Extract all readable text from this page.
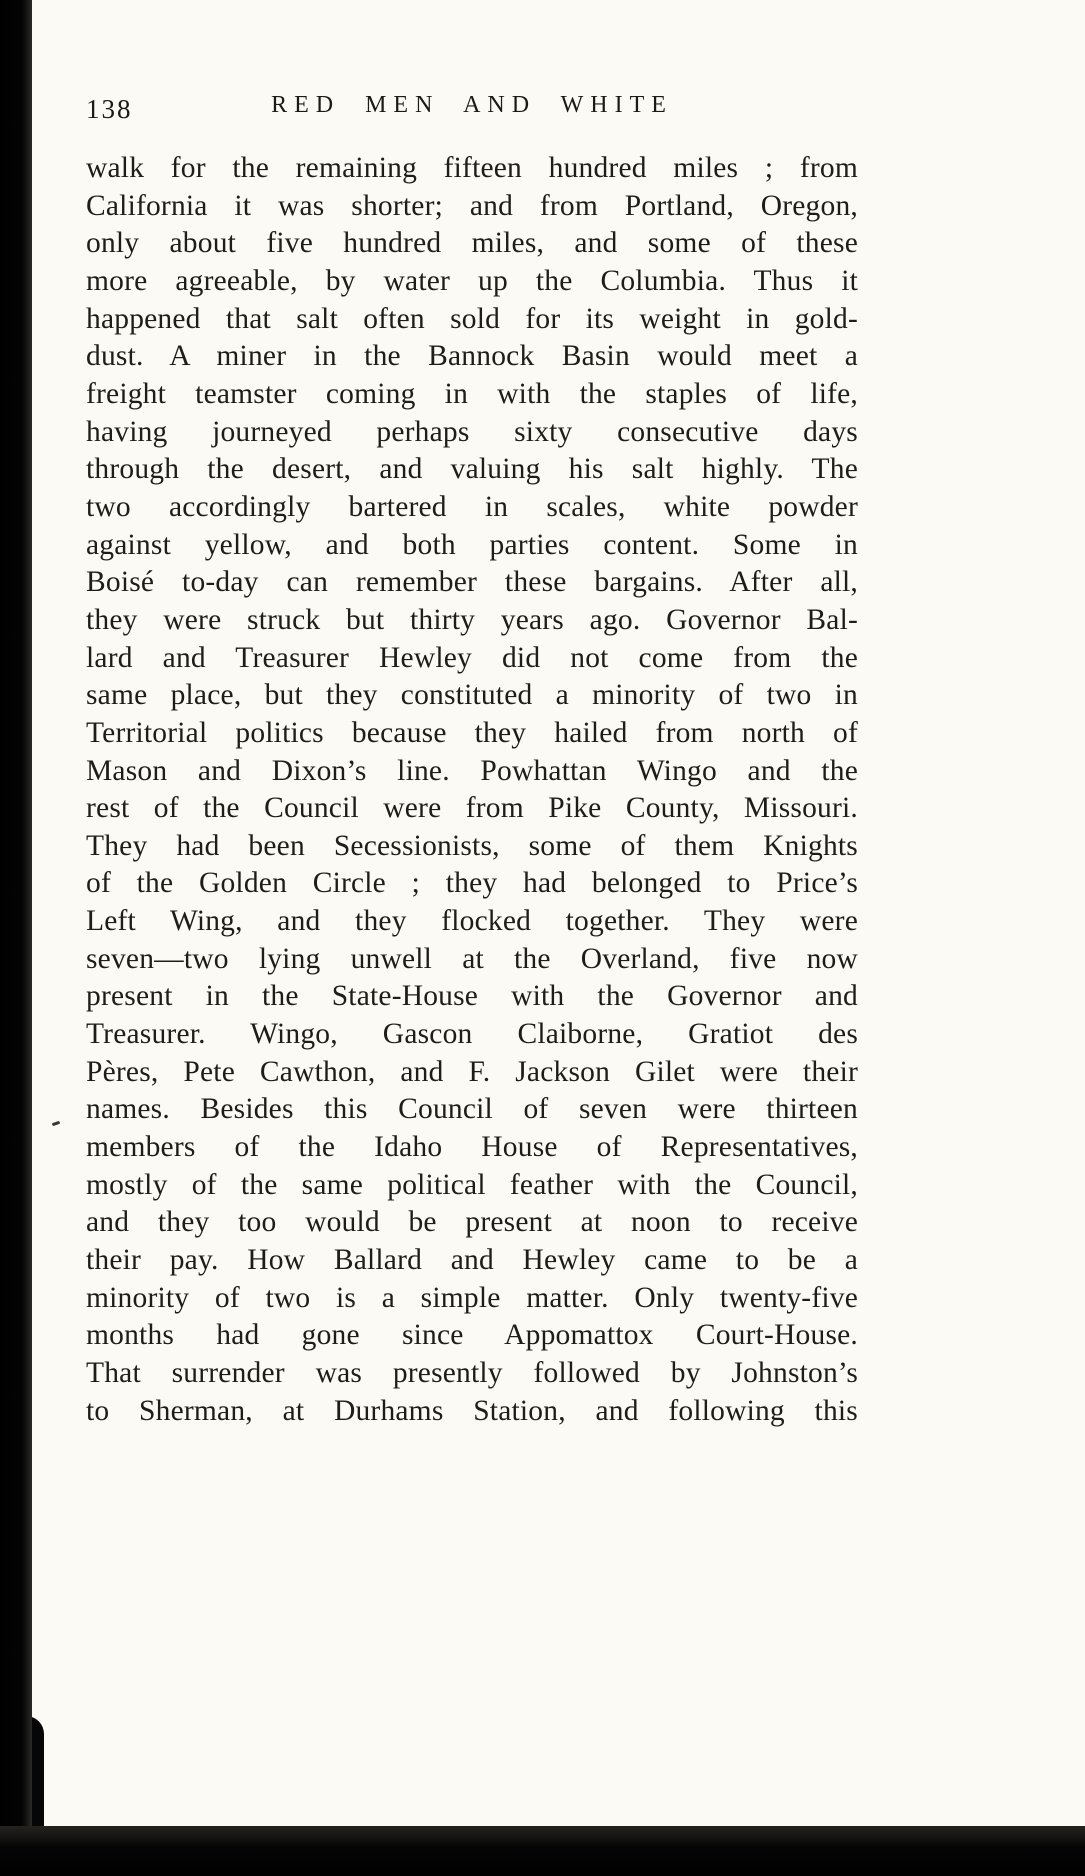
138	RED MEN AND WHITE
walk for the remaining fifteen hundred miles ; from
California it was shorter; and from Portland, Oregon,
only about five hundred miles, and some of these
more agreeable, by water up the Columbia. Thus it
happened that salt often sold for its weight in gold-
dust. A miner in the Bannock Basin would meet a
freight teamster coming in with the staples of life,
having journeyed perhaps sixty consecutive days
through the desert, and valuing his salt highly. The
two accordingly bartered in scales, white powder
against yellow, and both parties content. Some in
Boisé to-day can remember these bargains. After all,
they were struck but thirty years ago. Governor Bal-
lard and Treasurer Hewley did not come from the
same place, but they constituted a minority of two in
Territorial politics because they hailed from north of
Mason and Dixon’s line. Powhattan Wingo and the
rest of the Council were from Pike County, Missouri.
They had been Secessionists, some of them Knights
of the Golden Circle ; they had belonged to Price’s
Left Wing, and they flocked together. They were
seven—two lying unwell at the Overland, five now
present in the State-House with the Governor and
Treasurer. Wingo, Gascon Claiborne, Gratiot des
Pères, Pete Cawthon, and F. Jackson Gilet were their
names. Besides this Council of seven were thirteen
members of the Idaho House of Representatives,
mostly of the same political feather with the Council,
and they too would be present at noon to receive
their pay. How Ballard and Hewley came to be a
minority of two is a simple matter. Only twenty-five
months had gone since Appomattox Court-House.
That surrender was presently followed by Johnston’s
to Sherman, at Durhams Station, and following this
